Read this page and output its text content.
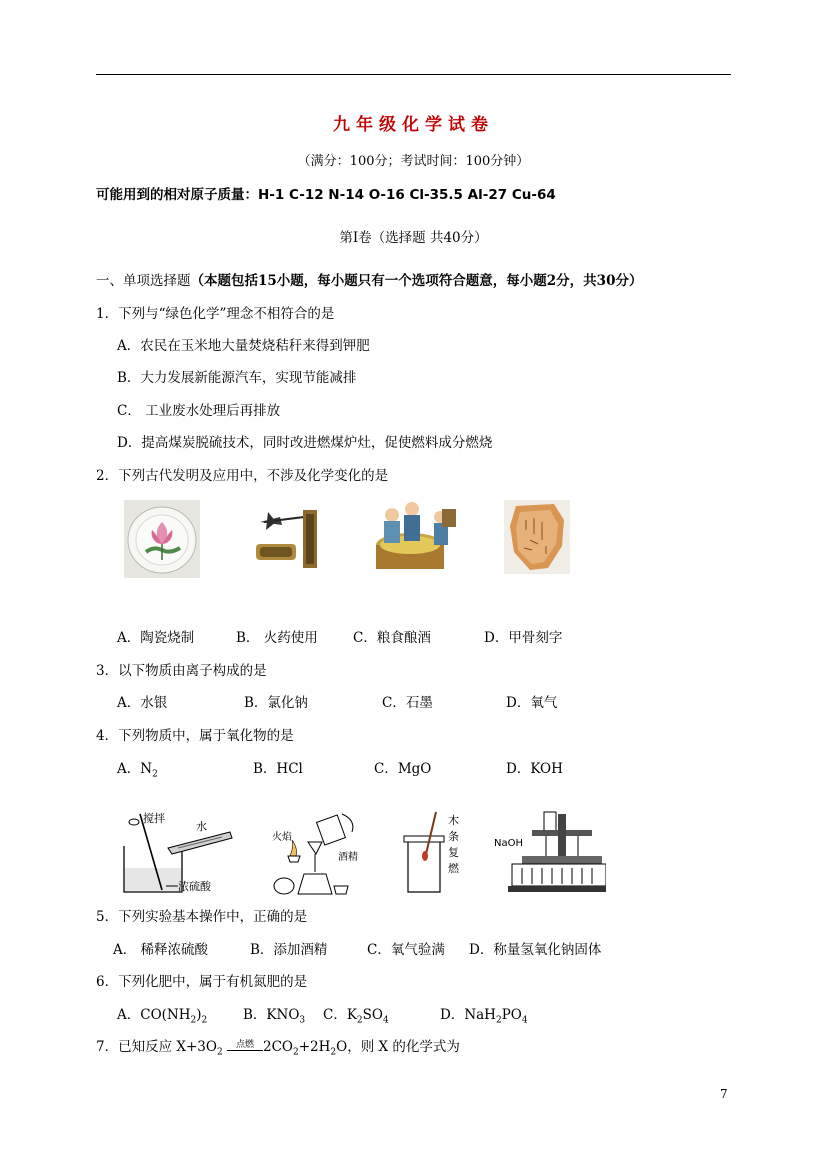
九年级化学试卷
（满分：100分；考试时间：100分钟）
可能用到的相对原子质量：H-1 C-12 N-14 O-16 Cl-35.5 Al-27 Cu-64
第Ⅰ卷（选择题 共40分）
一、单项选择题（本题包括15小题，每小题只有一个选项符合题意，每小题2分，共30分）
1．下列与“绿色化学”理念不相符合的是
A．农民在玉米地大量焚烧秸秆来得到钾肥
B．大力发展新能源汽车，实现节能减排
C． 工业废水处理后再排放
D．提高煤炭脱硫技术，同时改进燃煤炉灶，促使燃料成分燃烧
2．下列古代发明及应用中，不涉及化学变化的是
A．陶瓷烧制	B． 火药使用	C．粮食酿酒	D．甲骨刻字
3．以下物质由离子构成的是
A．水银	B．氯化钠	C．石墨	D．氧气
4．下列物质中，属于氧化物的是
A．$N_2$	B．HCl	C．MgO	D．KOH
搅拌
水
浓硫酸
火焰
酒精
木
条
复
燃
NaOH
5．下列实验基本操作中，正确的是
A． 稀释浓硫酸	B．添加酒精	C．氧气验满 D．称量氢氧化钠固体
6．下列化肥中，属于有机氮肥的是
A．$CO(NH_2)_2$	B．$KNO_3$ C．$K_2SO_4$	D．$NaH_2PO_4$
7．已知反应 $X+3O_2$ 点燃 $2CO_2+2H_2O$，则 X 的化学式为
7
